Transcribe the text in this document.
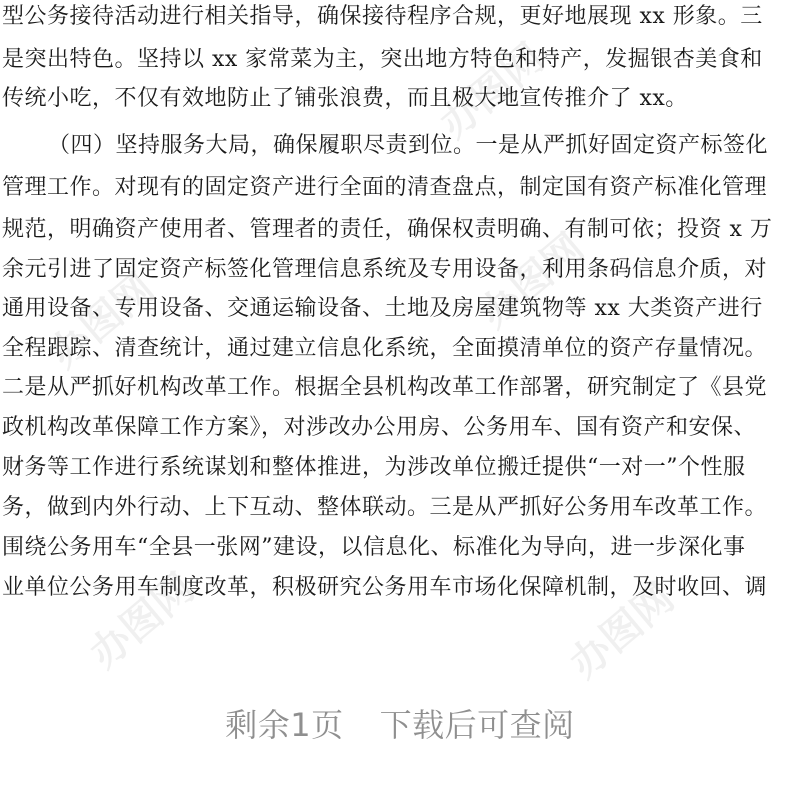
办图网
办图网
办图网
办图网	办图网
型公务接待活动进行相关指导，确保接待程序合规，更好地展现 xx 形象。三
是突出特色。坚持以 xx 家常菜为主，突出地方特色和特产，发掘银杏美食和
传统小吃，不仅有效地防止了铺张浪费，而且极大地宣传推介了 xx。
（四）坚持服务大局，确保履职尽责到位。一是从严抓好固定资产标签化
管理工作。对现有的固定资产进行全面的清查盘点，制定国有资产标准化管理
规范，明确资产使用者、管理者的责任，确保权责明确、有制可依；投资 x 万
余元引进了固定资产标签化管理信息系统及专用设备，利用条码信息介质，对
通用设备、专用设备、交通运输设备、土地及房屋建筑物等 xx 大类资产进行
全程跟踪、清查统计，通过建立信息化系统，全面摸清单位的资产存量情况。
二是从严抓好机构改革工作。根据全县机构改革工作部署，研究制定了《县党
政机构改革保障工作方案》，对涉改办公用房、公务用车、国有资产和安保、
财务等工作进行系统谋划和整体推进，为涉改单位搬迁提供“一对一”个性服
务，做到内外行动、上下互动、整体联动。三是从严抓好公务用车改革工作。
围绕公务用车“全县一张网”建设，以信息化、标准化为导向，进一步深化事
业单位公务用车制度改革，积极研究公务用车市场化保障机制，及时收回、调
剩余1页 下载后可查阅
